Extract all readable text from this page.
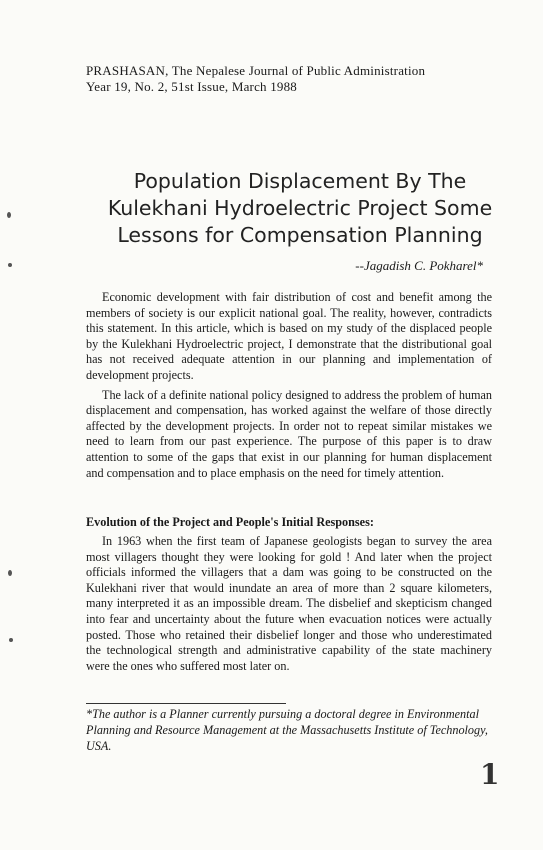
PRASHASAN, The Nepalese Journal of Public Administration
Year 19, No. 2, 51st Issue, March 1988
Population Displacement By The
Kulekhani Hydroelectric Project Some
Lessons for Compensation Planning
--Jagadish C. Pokharel*

Economic development with fair distribution of cost and benefit among the members of society is our explicit national goal. The reality, however, contradicts this statement. In this article, which is based on my study of the displaced people by the Kulekhani Hydroelectric project, I demonstrate that the distributional goal has not received adequate attention in our planning and implementation of development projects.

The lack of a definite national policy designed to address the problem of human displacement and compensation, has worked against the welfare of those directly affected by the development projects. In order not to repeat similar mistakes we need to learn from our past experience. The purpose of this paper is to draw attention to some of the gaps that exist in our planning for human displacement and compensation and to place emphasis on the need for timely attention.

Evolution of the Project and People's Initial Responses:

In 1963 when the first team of Japanese geologists began to survey the area most villagers thought they were looking for gold ! And later when the project officials informed the villagers that a dam was going to be constructed on the Kulekhani river that would inundate an area of more than 2 square kilometers, many interpreted it as an impossible dream. The disbelief and skepticism changed into fear and uncertainty about the future when evacuation notices were actually posted. Those who retained their disbelief longer and those who underestimated the technological strength and administrative capability of the state machinery were the ones who suffered most later on.

*The author is a Planner currently pursuing a doctoral degree in Environmental Planning and Resource Management at the Massachusetts Institute of Technology, USA.
1
